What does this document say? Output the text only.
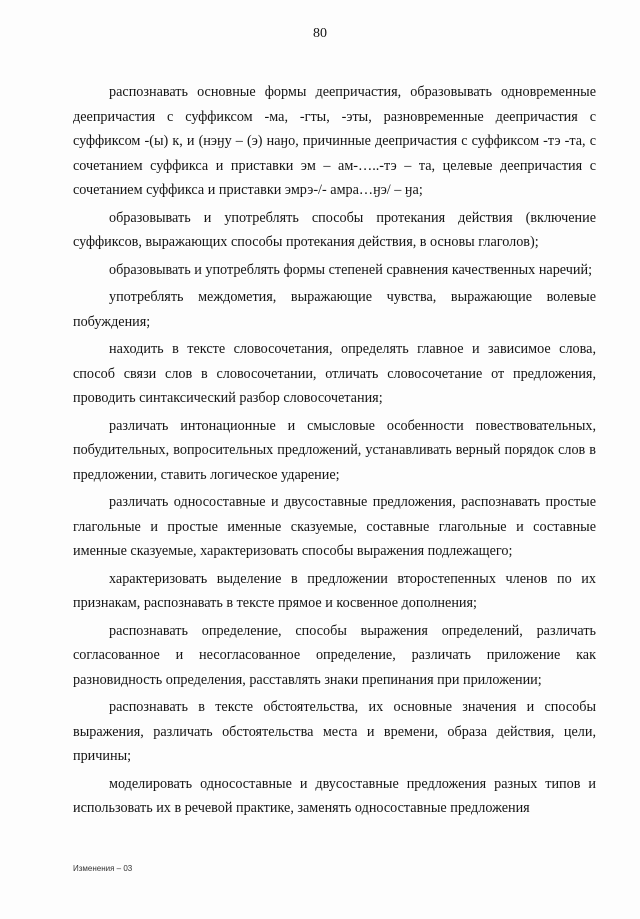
80

распознавать основные формы деепричастия, образовывать одновременные деепричастия с суффиксом -ма, -гты, -эты, разновременные деепричастия с суффиксом -(ы) к, и (нэӈу – (э) наӈо, причинные деепричастия с суффиксом -тэ -та, с сочетанием суффикса и приставки эм – ам-…..-тэ – та, целевые деепричастия с сочетанием суффикса и приставки эмрэ-/- амра…ӈэ/ – ӈа;

образовывать и употреблять способы протекания действия (включение суффиксов, выражающих способы протекания действия, в основы глаголов);

образовывать и употреблять формы степеней сравнения качественных наречий;

употреблять междометия, выражающие чувства, выражающие волевые побуждения;

находить в тексте словосочетания, определять главное и зависимое слова, способ связи слов в словосочетании, отличать словосочетание от предложения, проводить синтаксический разбор словосочетания;

различать интонационные и смысловые особенности повествовательных, побудительных, вопросительных предложений, устанавливать верный порядок слов в предложении, ставить логическое ударение;

различать односоставные и двусоставные предложения, распознавать простые глагольные и простые именные сказуемые, составные глагольные и составные именные сказуемые, характеризовать способы выражения подлежащего;

характеризовать выделение в предложении второстепенных членов по их признакам, распознавать в тексте прямое и косвенное дополнения;

распознавать определение, способы выражения определений, различать согласованное и несогласованное определение, различать приложение как разновидность определения, расставлять знаки препинания при приложении;

распознавать в тексте обстоятельства, их основные значения и способы выражения, различать обстоятельства места и времени, образа действия, цели, причины;

моделировать односоставные и двусоставные предложения разных типов и использовать их в речевой практике, заменять односоставные предложения

Изменения – 03
